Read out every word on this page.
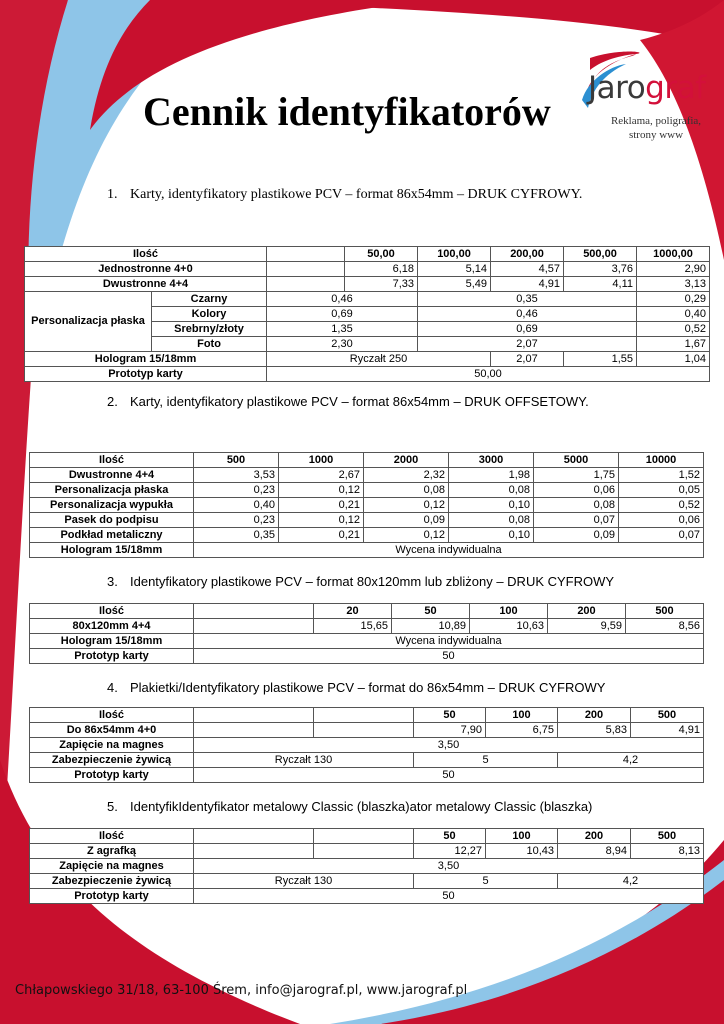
Jarograf
Reklama, poligrafia,
strony www
Cennik identyfikatorów
1. Karty, identyfikatory plastikowe PCV – format 86x54mm – DRUK CYFROWY.
Ilość			50,00	100,00	200,00	500,00	1000,00
Jednostronne 4+0			6,18	5,14	4,57	3,76	2,90
Dwustronne 4+4			7,33	5,49	4,91	4,11	3,13
Personalizacja płaska	Czarny	0,46		0,35			0,29
	Kolory	0,69		0,46			0,40
	Srebrny/złoty	1,35		0,69			0,52
	Foto	2,30		2,07			1,67
Hologram 15/18mm		Ryczałt 250			2,07	1,55	1,04
Prototyp karty		50,00					
2. Karty, identyfikatory plastikowe PCV – format 86x54mm – DRUK OFFSETOWY.
Ilość	500	1000	2000	3000	5000	10000
Dwustronne 4+4	3,53	2,67	2,32	1,98	1,75	1,52
Personalizacja płaska	0,23	0,12	0,08	0,08	0,06	0,05
Personalizacja wypukła	0,40	0,21	0,12	0,10	0,08	0,52
Pasek do podpisu	0,23	0,12	0,09	0,08	0,07	0,06
Podkład metaliczny	0,35	0,21	0,12	0,10	0,09	0,07
Hologram 15/18mm	Wycena indywidualna					
3. Identyfikatory plastikowe PCV – format 80x120mm lub zbliżony – DRUK CYFROWY
Ilość		20	50	100	200	500
80x120mm 4+4		15,65	10,89	10,63	9,59	8,56
Hologram 15/18mm	Wycena indywidualna					
Prototyp karty	50					
4. Plakietki/Identyfikatory plastikowe PCV – format do 86x54mm – DRUK CYFROWY
Ilość			50	100	200	500
Do 86x54mm 4+0			7,90	6,75	5,83	4,91
Zapięcie na magnes	3,50					
Zabezpieczenie żywicą	Ryczałt 130		5		4,2	
Prototyp karty	50					
5. IdentyfikIdentyfikator metalowy Classic (blaszka)ator metalowy Classic (blaszka)
Ilość			50	100	200	500
Z agrafką			12,27	10,43	8,94	8,13
Zapięcie na magnes	3,50					
Zabezpieczenie żywicą	Ryczałt 130		5		4,2	
Prototyp karty	50					
Chłapowskiego 31/18, 63-100 Śrem, info@jarograf.pl, www.jarograf.pl
